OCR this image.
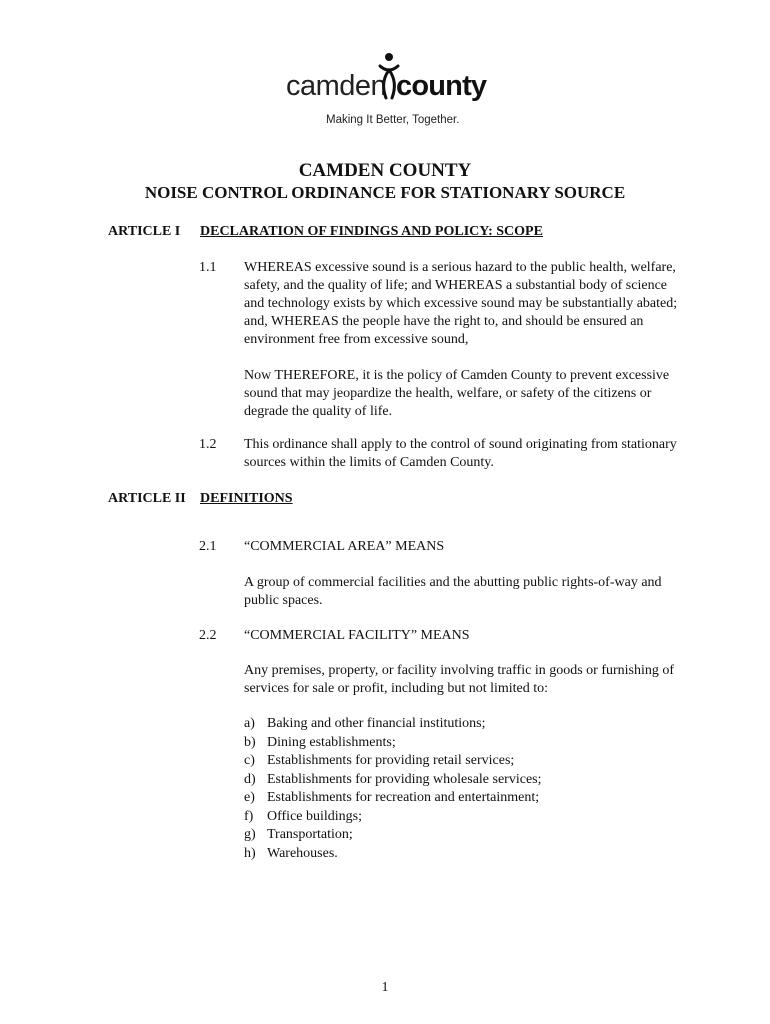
camden county
Making It Better, Together.
CAMDEN COUNTY
NOISE CONTROL ORDINANCE FOR STATIONARY SOURCE
ARTICLE I DECLARATION OF FINDINGS AND POLICY: SCOPE
1.1 WHEREAS excessive sound is a serious hazard to the public health, welfare, safety, and the quality of life; and WHEREAS a substantial body of science and technology exists by which excessive sound may be substantially abated; and, WHEREAS the people have the right to, and should be ensured an environment free from excessive sound,

Now THEREFORE, it is the policy of Camden County to prevent excessive sound that may jeopardize the health, welfare, or safety of the citizens or degrade the quality of life.

1.2 This ordinance shall apply to the control of sound originating from stationary sources within the limits of Camden County.

ARTICLE II DEFINITIONS
2.1 “COMMERCIAL AREA” MEANS
A group of commercial facilities and the abutting public rights-of-way and public spaces.
2.2 “COMMERCIAL FACILITY” MEANS
Any premises, property, or facility involving traffic in goods or furnishing of services for sale or profit, including but not limited to:
a) Baking and other financial institutions;
b) Dining establishments;
c) Establishments for providing retail services;
d) Establishments for providing wholesale services;
e) Establishments for recreation and entertainment;
f) Office buildings;
g) Transportation;
h) Warehouses.
1
